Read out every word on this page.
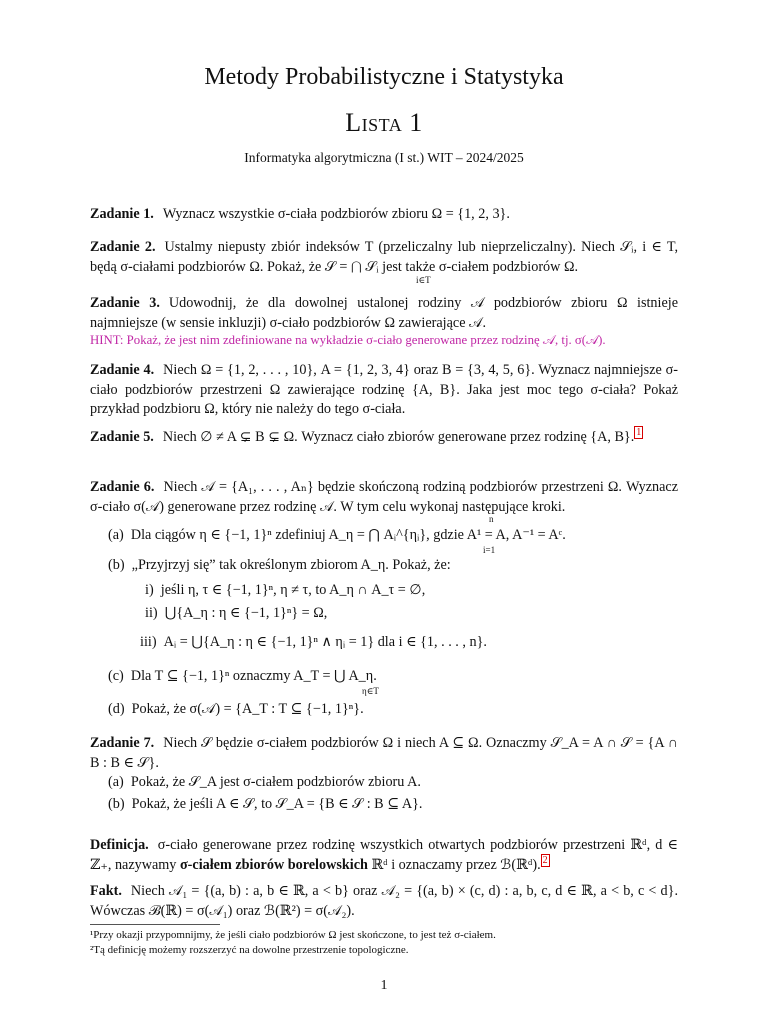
Metody Probabilistyczne i Statystyka
Lista 1
Informatyka algorytmiczna (I st.) WIT – 2024/2025
Zadanie 1. Wyznacz wszystkie σ-ciała podzbiorów zbioru Ω = {1, 2, 3}.
Zadanie 2. Ustalmy niepusty zbiór indeksów T (przeliczalny lub nieprzeliczalny). Niech 𝒮ᵢ, i ∈ T, będą σ-ciałami podzbiorów Ω. Pokaż, że 𝒮 = ⋂ 𝒮ᵢ jest także σ-ciałem podzbiorów Ω.
i∈T
Zadanie 3. Udowodnij, że dla dowolnej ustalonej rodziny 𝒜 podzbiorów zbioru Ω istnieje najmniejsze (w sensie inkluzji) σ-ciało podzbiorów Ω zawierające 𝒜.
HINT: Pokaż, że jest nim zdefiniowane na wykładzie σ-ciało generowane przez rodzinę 𝒜, tj. σ(𝒜).
Zadanie 4. Niech Ω = {1, 2, . . . , 10}, A = {1, 2, 3, 4} oraz B = {3, 4, 5, 6}. Wyznacz najmniejsze σ-ciało podzbiorów przestrzeni Ω zawierające rodzinę {A, B}. Jaka jest moc tego σ-ciała? Pokaż przykład podzbioru Ω, który nie należy do tego σ-ciała.
Zadanie 5. Niech ∅ ≠ A ⊊ B ⊊ Ω. Wyznacz ciało zbiorów generowane przez rodzinę {A, B}. $^1$
Zadanie 6. Niech 𝒜 = {A₁, . . . , Aₙ} będzie skończoną rodziną podzbiorów przestrzeni Ω. Wyznacz σ-ciało σ(𝒜) generowane przez rodzinę 𝒜. W tym celu wykonaj następujące kroki.
(a) Dla ciągów η ∈ {−1, 1}ⁿ zdefiniuj A_η = ⋂ Aᵢ^{ηᵢ}, gdzie A¹ = A, A⁻¹ = Aᶜ.
n
i=1
(b) „Przyjrzyj się” tak określonym zbiorom A_η. Pokaż, że:
i) jeśli η, τ ∈ {−1, 1}ⁿ, η ≠ τ, to A_η ∩ A_τ = ∅,
ii) ⋃{A_η : η ∈ {−1, 1}ⁿ} = Ω,
iii) Aᵢ = ⋃{A_η : η ∈ {−1, 1}ⁿ ∧ ηᵢ = 1} dla i ∈ {1, . . . , n}.
(c) Dla T ⊆ {−1, 1}ⁿ oznaczmy A_T = ⋃ A_η.
η∈T
(d) Pokaż, że σ(𝒜) = {A_T : T ⊆ {−1, 1}ⁿ}.
Zadanie 7. Niech 𝒮 będzie σ-ciałem podzbiorów Ω i niech A ⊆ Ω. Oznaczmy 𝒮_A = A ∩ 𝒮 = {A ∩ B : B ∈ 𝒮}.
(a) Pokaż, że 𝒮_A jest σ-ciałem podzbiorów zbioru A.
(b) Pokaż, że jeśli A ∈ 𝒮, to 𝒮_A = {B ∈ 𝒮 : B ⊆ A}.
Definicja. σ-ciało generowane przez rodzinę wszystkich otwartych podzbiorów przestrzeni ℝᵈ, d ∈ ℤ₊, nazywamy σ-ciałem zbiorów borelowskich ℝᵈ i oznaczamy przez ℬ(ℝᵈ). $^2$
Fakt. Niech 𝒜₁ = {(a, b) : a, b ∈ ℝ, a < b} oraz 𝒜₂ = {(a, b) × (c, d) : a, b, c, d ∈ ℝ, a < b, c < d}. Wówczas ℬ(ℝ) = σ(𝒜₁) oraz ℬ(ℝ²) = σ(𝒜₂).
¹Przy okazji przypomnijmy, że jeśli ciało podzbiorów Ω jest skończone, to jest też σ-ciałem.
²Tą definicję możemy rozszerzyć na dowolne przestrzenie topologiczne.
1
